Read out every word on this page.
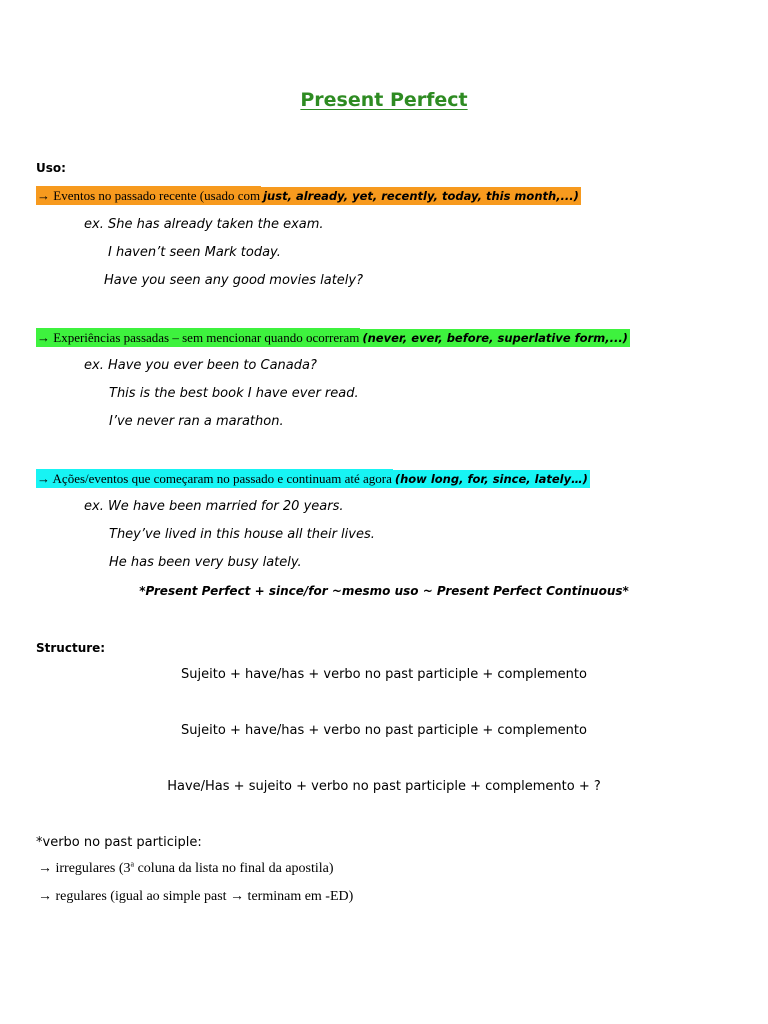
Present Perfect
Uso:
→ Eventos no passado recente (usado com just, already, yet, recently, today, this month,...)
ex. She has already taken the exam.
I haven’t seen Mark today.
Have you seen any good movies lately?
→ Experiências passadas – sem mencionar quando ocorreram (never, ever, before, superlative form,...)
ex. Have you ever been to Canada?
This is the best book I have ever read.
I’ve never ran a marathon.
→ Ações/eventos que começaram no passado e continuam até agora (how long, for, since, lately…)
ex. We have been married for 20 years.
They’ve lived in this house all their lives.
He has been very busy lately.
*Present Perfect + since/for ~mesmo uso ~ Present Perfect Continuous*
Structure:
Sujeito + have/has + verbo no past participle + complemento
Sujeito + have/has + verbo no past participle + complemento
Have/Has + sujeito + verbo no past participle + complemento + ?
*verbo no past participle:
→ irregulares (3$^a$ coluna da lista no final da apostila)
→ regulares (igual ao simple past → terminam em -ED)
